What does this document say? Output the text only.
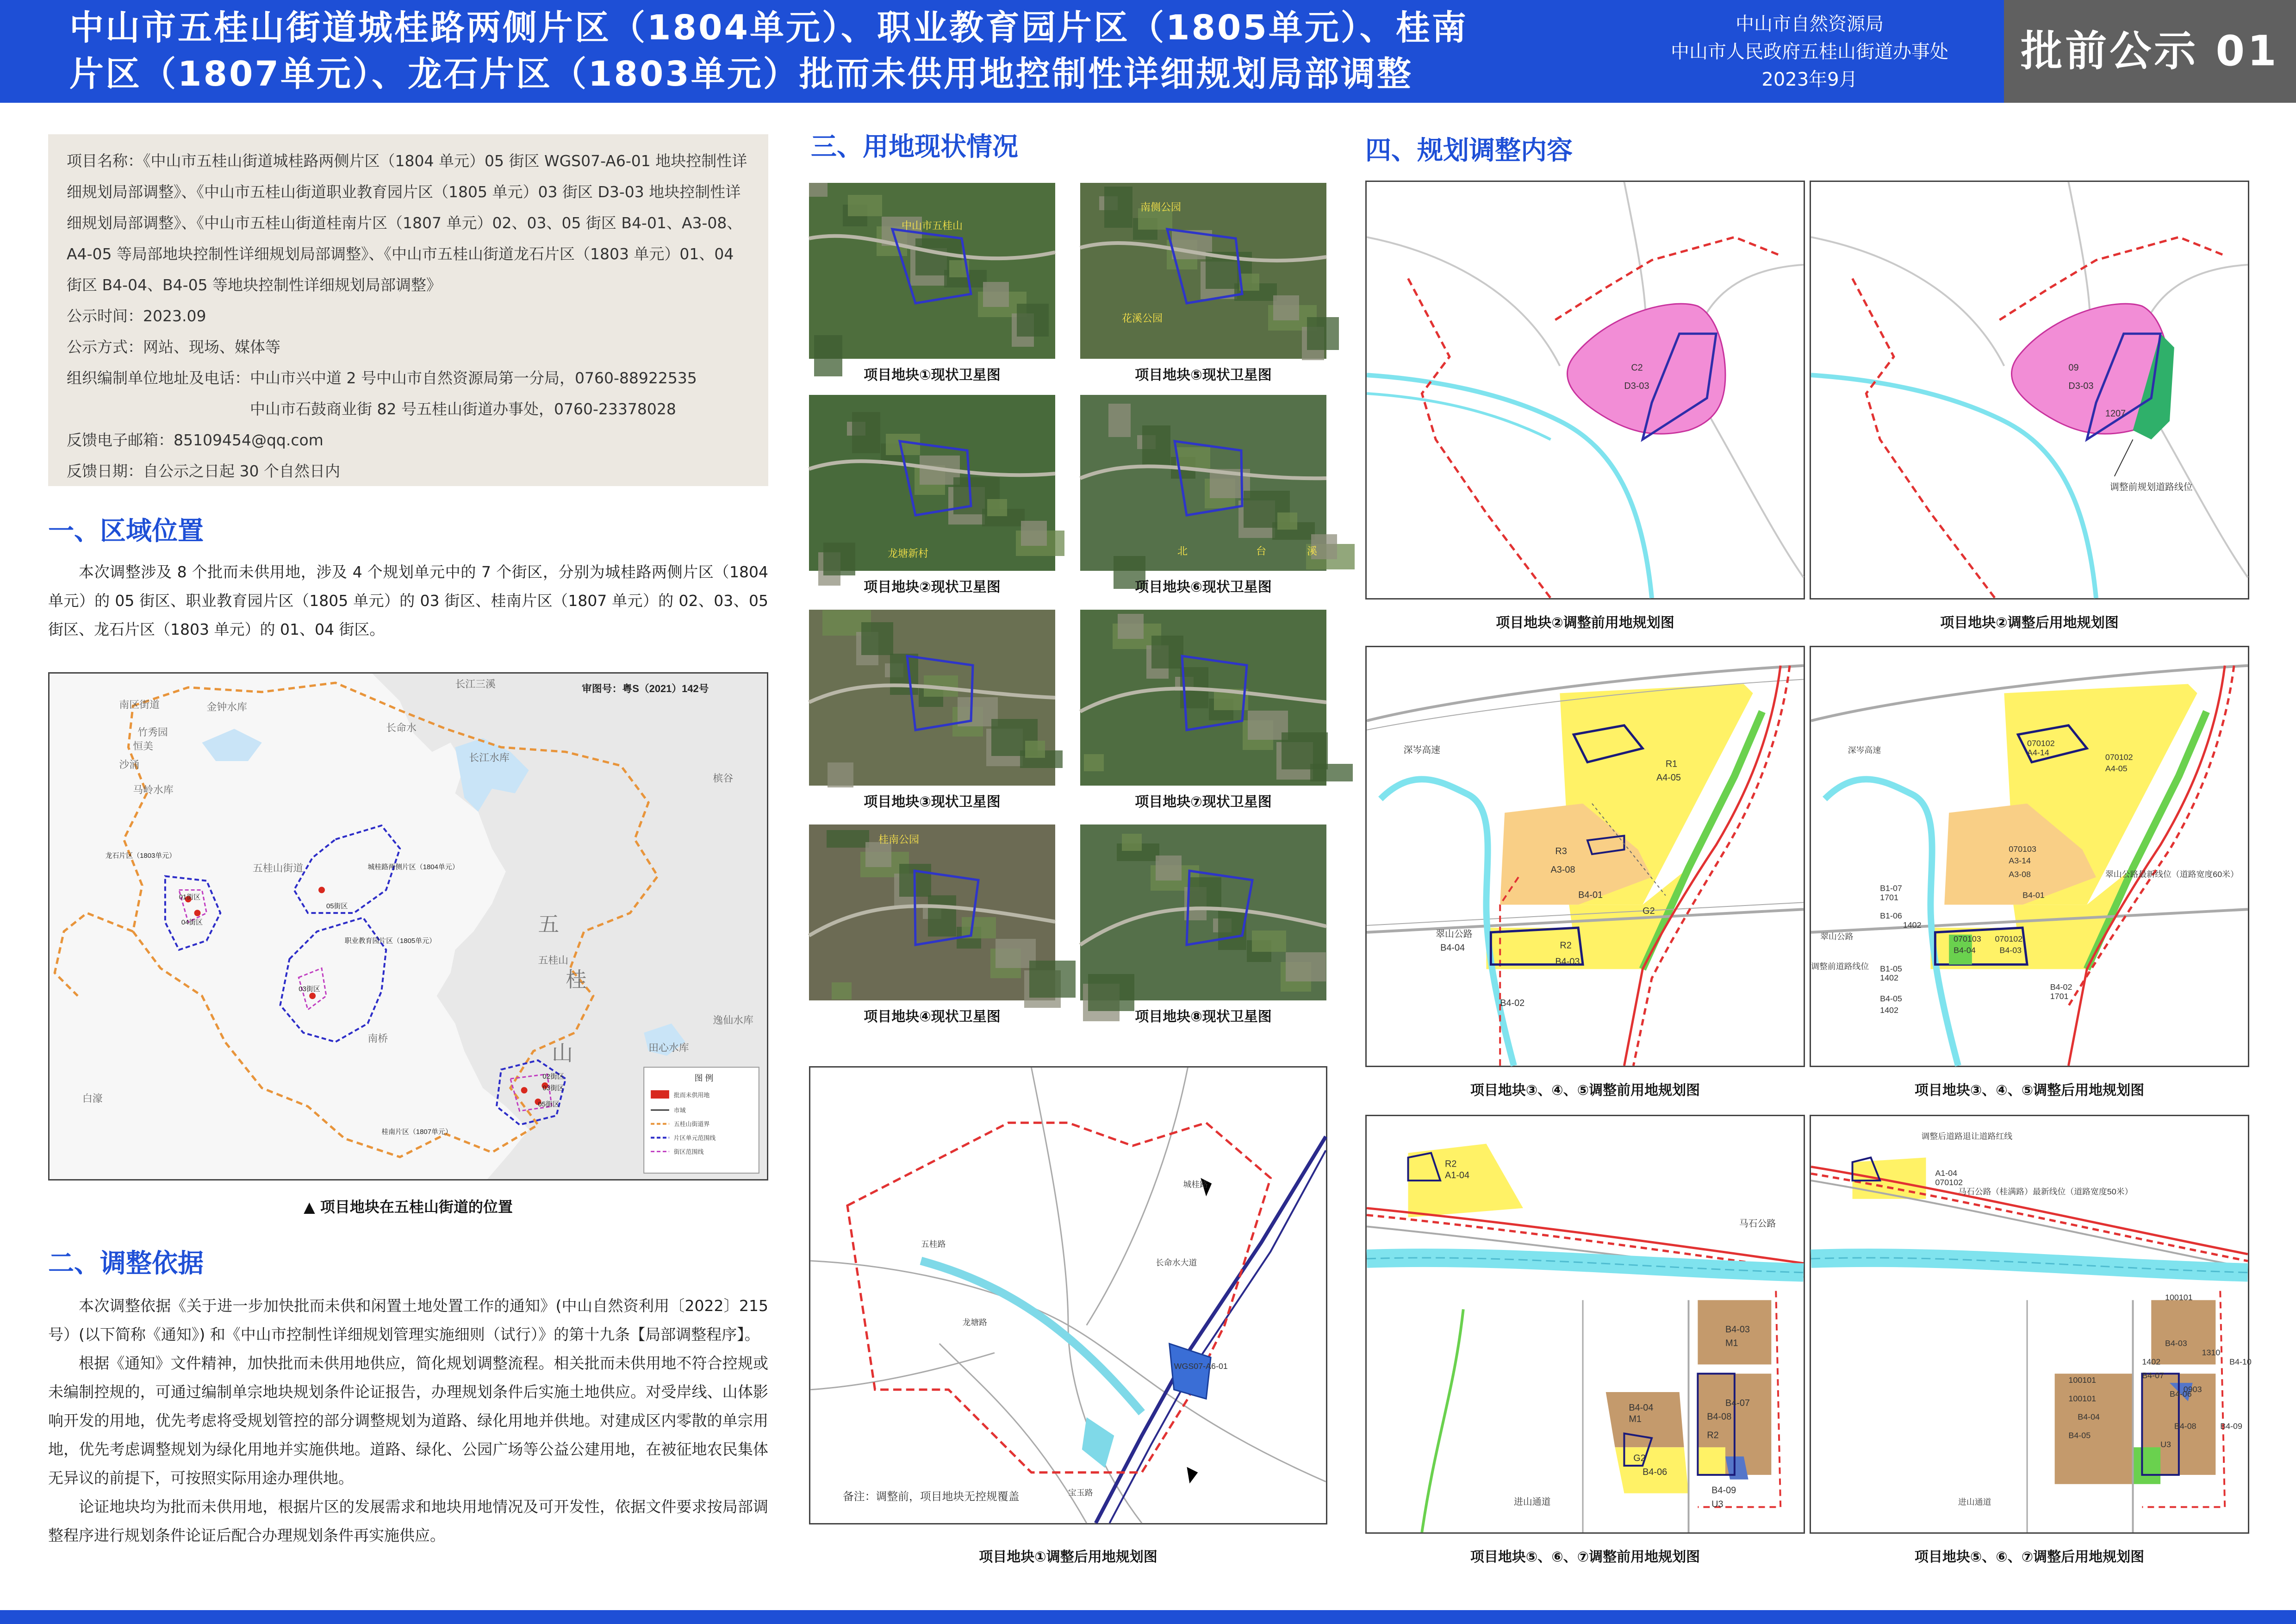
中山市五桂山街道城桂路两侧片区（1804单元）、职业教育园片区（1805单元）、桂南
片区（1807单元）、龙石片区（1803单元）批而未供用地控制性详细规划局部调整
中山市自然资源局
中山市人民政府五桂山街道办事处
2023年9月
批前公示 01

项目名称：《中山市五桂山街道城桂路两侧片区（1804 单元）05 街区 WGS07-A6-01 地块控制性详

细规划局部调整》、《中山市五桂山街道职业教育园片区（1805 单元）03 街区 D3-03 地块控制性详

细规划局部调整》、《中山市五桂山街道桂南片区（1807 单元）02、03、05 街区 B4-01、A3-08、

A4-05 等局部地块控制性详细规划局部调整》、《中山市五桂山街道龙石片区（1803 单元）01、04

街区 B4-04、B4-05 等地块控制性详细规划局部调整》

公示时间：2023.09

公示方式：网站、现场、媒体等

组织编制单位地址及电话： 中山市兴中道 2 号中山市自然资源局第一分局，0760-88922535

中山市石鼓商业街 82 号五桂山街道办事处，0760-23378028

反馈电子邮箱：85109454@qq.com

反馈日期：自公示之日起 30 个自然日内

一、区域位置

本次调整涉及 8 个批而未供用地，涉及 4 个规划单元中的 7 个街区，分别为城桂路两侧片区（1804 单元）的 05 街区、职业教育园片区（1805 单元）的 03 街区、桂南片区（1807 单元）的 02、03、05 街区、龙石片区（1803 单元）的 01、04 街区。

长江三溪
南区街道	金钟水库
长命水
竹秀园
恒美
沙涌
马岭水库
长江水库
五桂山街道
五桂山
槟谷
逸仙水库
南桥
白濠
田心水库
五
桂
山
龙石片区（1803单元）
城桂路两侧片区（1804单元）
职业教育园片区（1805单元）
桂南片区（1807单元）
01街区
04街区
05街区
03街区
02街区
03街区
05街区
审图号：粤S（2021）142号
图 例
批而未供用地
市域
五桂山街道界
片区单元范围线
街区范围线
▲ 项目地块在五桂山街道的位置
二、调整依据

本次调整依据《关于进一步加快批而未供和闲置土地处置工作的通知》(中山自然资利用〔2022〕215 号）(以下简称《通知》) 和《中山市控制性详细规划管理实施细则（试行）》的第十九条【局部调整程序】。

根据《通知》文件精神，加快批而未供用地供应，简化规划调整流程。相关批而未供用地不符合控规或未编制控规的，可通过编制单宗地块规划条件论证报告，办理规划条件后实施土地供应。对受岸线、山体影响开发的用地，优先考虑将受规划管控的部分调整规划为道路、绿化用地并供地。对建成区内零散的单宗用地，优先考虑调整规划为绿化用地并实施供地。道路、绿化、公园广场等公益公建用地，在被征地农民集体无异议的前提下，可按照实际用途办理供地。

论证地块均为批而未供用地，根据片区的发展需求和地块用地情况及可开发性，依据文件要求按局部调整程序进行规划条件论证后配合办理规划条件再实施供应。

三、用地现状情况
中山市五桂山
项目地块①现状卫星图
南侧公园
花溪公园
项目地块⑤现状卫星图
龙塘新村
项目地块②现状卫星图
北	台	溪
项目地块⑥现状卫星图
项目地块③现状卫星图	项目地块⑦现状卫星图
桂南公园
项目地块④现状卫星图	项目地块⑧现状卫星图
五桂路
龙塘路
城桂路
宝玉路
长命水大道
WGS07-A6-01
备注：调整前，项目地块无控规覆盖
项目地块①调整后用地规划图
四、规划调整内容
C2
D3-03
项目地块②调整前用地规划图
09
D3-03
1207
调整前规划道路线位
项目地块②调整后用地规划图
R1
A4-05
R3
A3-08
B4-01
G2
R2
B4-03
B4-04
B4-02
翠山公路
深岑高速
项目地块③、④、⑤调整前用地规划图
070102
A4-14	070102
A4-05
070103
A3-14
A3-08
B4-01
B1-07
1701
B1-06
1402
070103
B4-04
070102
B4-03
B1-05
1402
B4-05
1402
B4-02
1701
翠山公路
调整前道路线位
翠山公路最新线位（道路宽度60米）
深岑高速
项目地块③、④、⑤调整后用地规划图
R2
A1-04
B4-03
M1
B4-04
M1
G2
B4-06
B4-08
B4-07
R2
B4-09
U3
马石公路
进山通道
项目地块⑤、⑥、⑦调整前用地规划图
调整后道路退让道路红线
A1-04
070102
马石公路（桂满路）最新线位（道路宽度50米）
100101
B4-03
1402
B4-07
100101
B4-06
100101
B4-04
B4-05
B4-08	B4-09
B4-10
1310
0903
U3
进山通道
项目地块⑤、⑥、⑦调整后用地规划图
